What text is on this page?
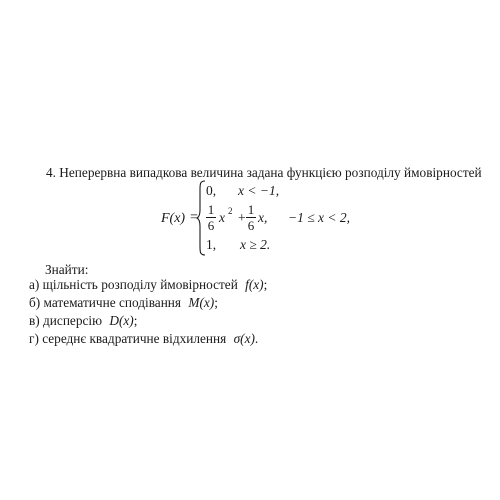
4. Неперервна випадкова величина задана функцією розподілу ймовірностей
F(x) =
0, x < −1,
1
6
x 2 +
1
6
x, −1 ≤ x < 2,
1, x ≥ 2.
Знайти:
а) щільність розподілу ймовірностей f(x);
б) математичне сподівання M(x);
в) дисперсію D(x);
г) середнє квадратичне відхилення σ(x).
